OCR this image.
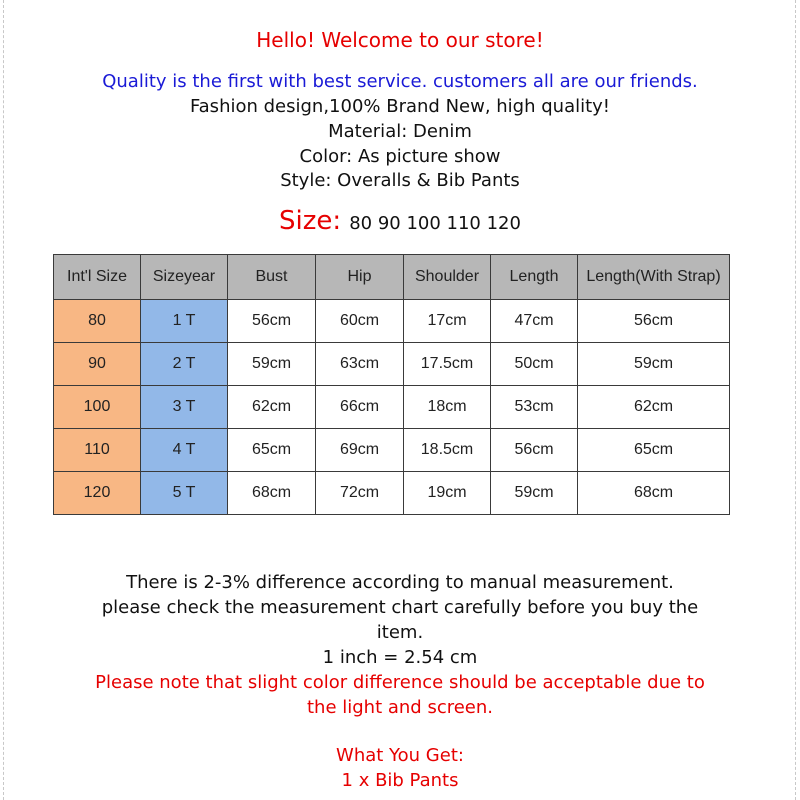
Hello! Welcome to our store!
Quality is the first with best service. customers all are our friends.
Fashion design,100% Brand New, high quality!
Material: Denim
Color: As picture show
Style: Overalls & Bib Pants
Size: 80 90 100 110 120
Int'l Size	Sizeyear	Bust	Hip	Shoulder	Length	Length(With Strap)
80	1 T	56cm	60cm	17cm	47cm	56cm
90	2 T	59cm	63cm	17.5cm	50cm	59cm
100	3 T	62cm	66cm	18cm	53cm	62cm
110	4 T	65cm	69cm	18.5cm	56cm	65cm
120	5 T	68cm	72cm	19cm	59cm	68cm
There is 2-3% difference according to manual measurement.
please check the measurement chart carefully before you buy the
item.
1 inch = 2.54 cm
Please note that slight color difference should be acceptable due to
the light and screen.
What You Get:
1 x Bib Pants
